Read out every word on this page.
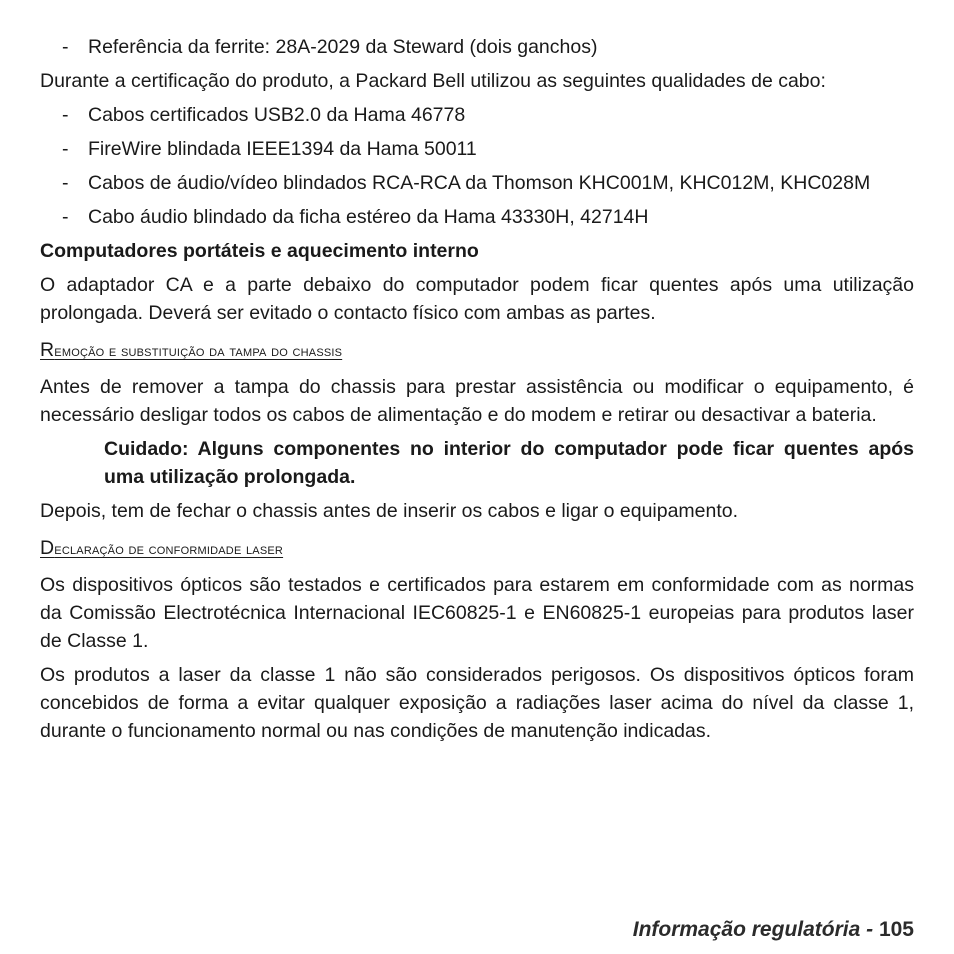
- Referência da ferrite: 28A-2029 da Steward (dois ganchos)

Durante a certificação do produto, a Packard Bell utilizou as seguintes qualidades de cabo:

- Cabos certificados USB2.0 da Hama 46778
- FireWire blindada IEEE1394 da Hama 50011
- Cabos de áudio/vídeo blindados RCA-RCA da Thomson KHC001M, KHC012M, KHC028M
- Cabo áudio blindado da ficha estéreo da Hama 43330H, 42714H

Computadores portáteis e aquecimento interno

O adaptador CA e a parte debaixo do computador podem ficar quentes após uma utilização prolongada. Deverá ser evitado o contacto físico com ambas as partes.

Remoção e substituição da tampa do chassis

Antes de remover a tampa do chassis para prestar assistência ou modificar o equipamento, é necessário desligar todos os cabos de alimentação e do modem e retirar ou desactivar a bateria.

Cuidado: Alguns componentes no interior do computador pode ficar quentes após uma utilização prolongada.

Depois, tem de fechar o chassis antes de inserir os cabos e ligar o equipamento.

Declaração de conformidade laser

Os dispositivos ópticos são testados e certificados para estarem em conformidade com as normas da Comissão Electrotécnica Internacional IEC60825-1 e EN60825-1 europeias para produtos laser de Classe 1.

Os produtos a laser da classe 1 não são considerados perigosos. Os dispositivos ópticos foram concebidos de forma a evitar qualquer exposição a radiações laser acima do nível da classe 1, durante o funcionamento normal ou nas condições de manutenção indicadas.

Informação regulatória - 105
